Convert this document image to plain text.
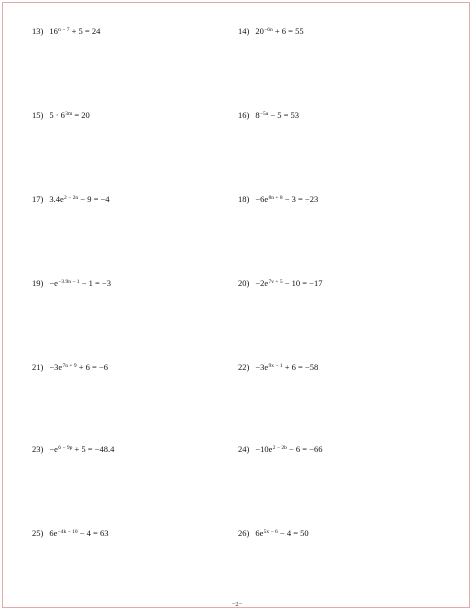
13) $16^{n - 7} + 5 = 24$	14) $20^{-6n} + 6 = 55$
15) $5 \cdot 6^{3m} = 20$	16) $8^{-5a} - 5 = 53$
17) $3.4e^{2 - 2n} - 9 = -4$	$18) -6e^{8n + 8} - 3 = -23$
$19) -e^{-3.9n - 1} - 1 = -3$	$20) -2e^{7v + 5} - 10 = -17$
$21) -3e^{7n + 9} + 6 = -6$	$22) -3e^{9x - 1} + 6 = -58$
$23) -e^{6 - 9p} + 5 = -48.4$	$24) -10e^{2 - 2b} - 6 = -66$
25) $6e^{-4k - 10} - 4 = 63$	26) $6e^{5x - 6} - 4 = 50$
−2−
